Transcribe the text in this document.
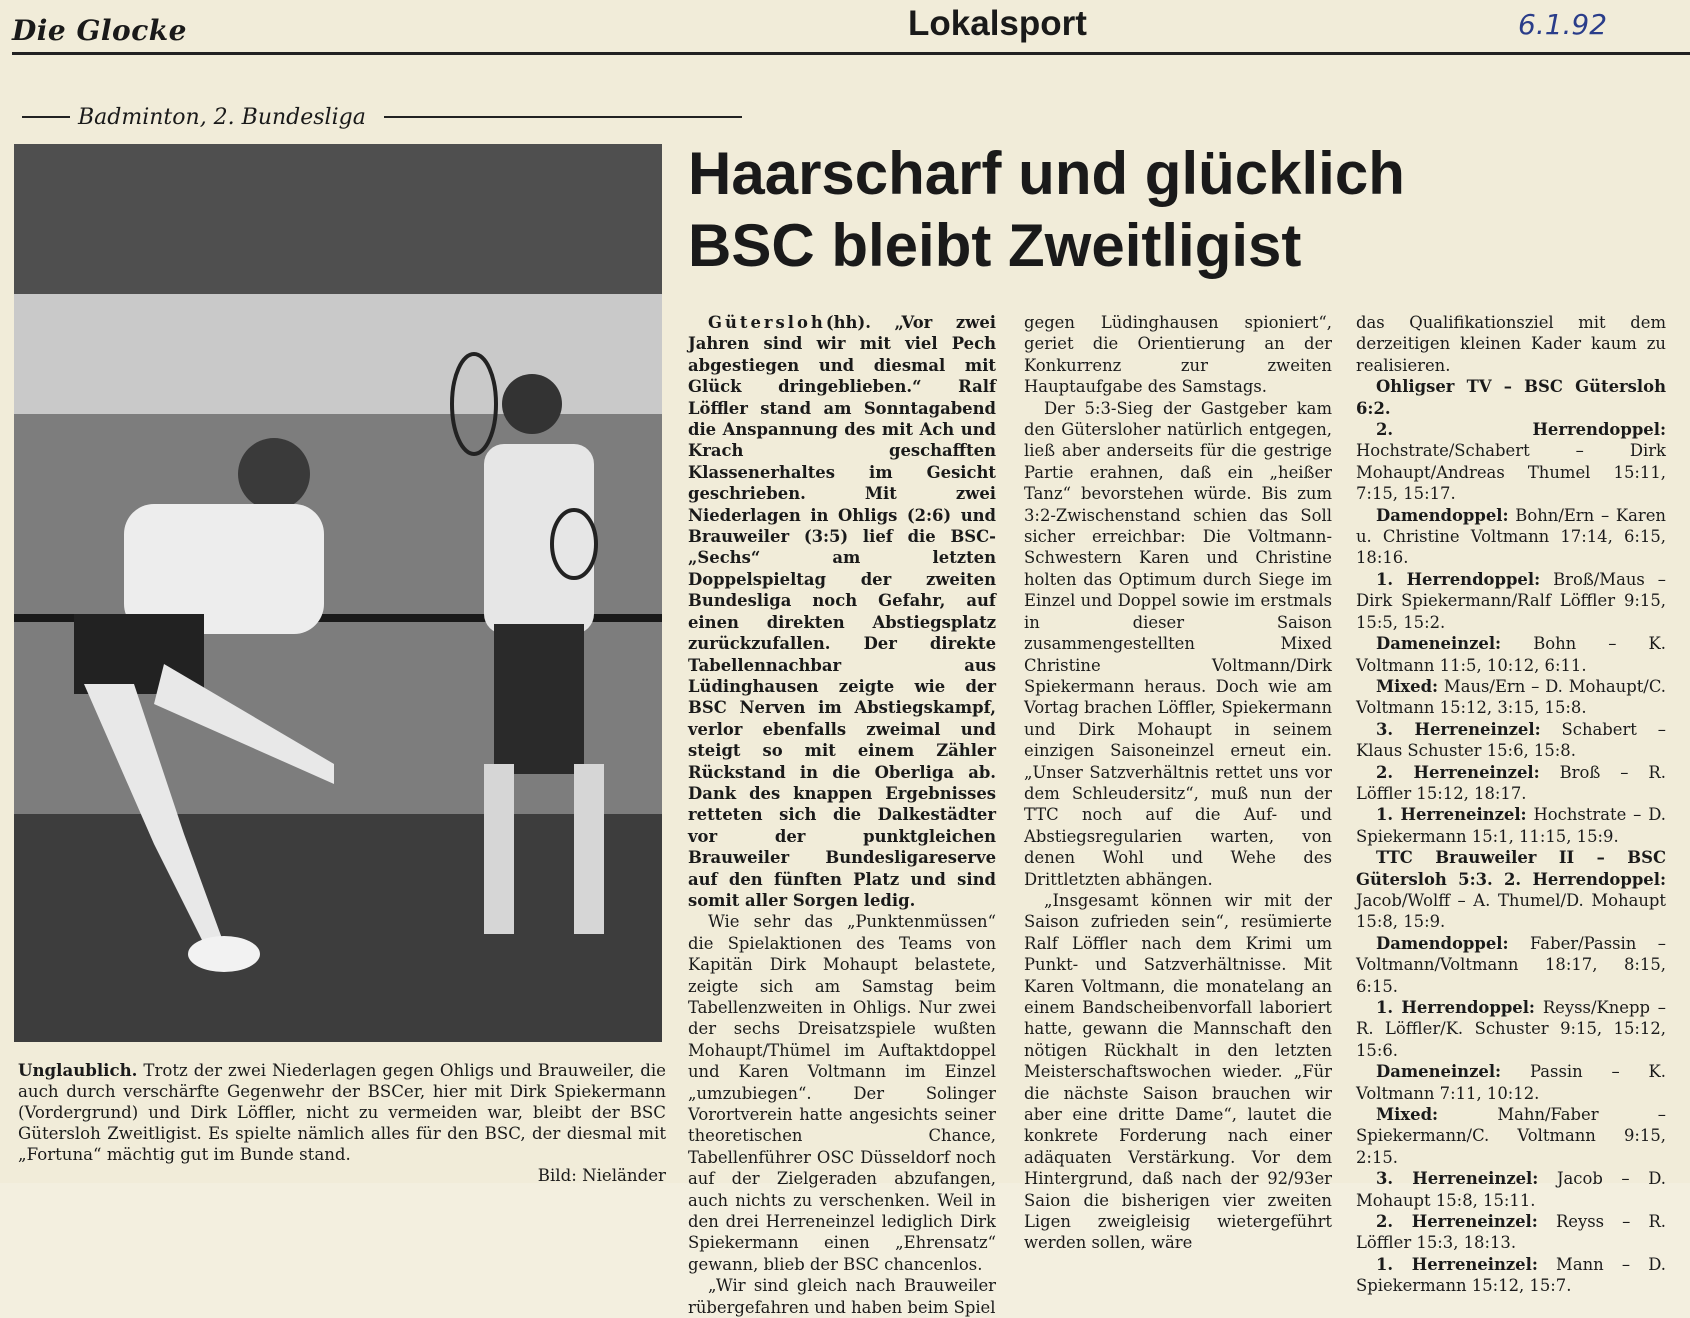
Die Glocke	Lokalsport	6.1.92
Badminton, 2. Bundesliga
Unglaublich. Trotz der zwei Niederlagen gegen Ohligs und Brauweiler, die auch durch verschärfte Gegenwehr der BSCer, hier mit Dirk Spiekermann (Vordergrund) und Dirk Löffler, nicht zu vermeiden war, bleibt der BSC Gütersloh Zweitligist. Es spielte nämlich alles für den BSC, der diesmal mit „Fortuna“ mächtig gut im Bunde stand.
Bild: Nieländer
Haarscharf und glücklich
BSC bleibt Zweitligist

Gütersloh(hh). „Vor zwei Jahren sind wir mit viel Pech abgestiegen und diesmal mit Glück dringeblieben.“ Ralf Löffler stand am Sonntagabend die Anspannung des mit Ach und Krach geschafften Klassenerhaltes im Gesicht geschrieben. Mit zwei Niederlagen in Ohligs (2:6) und Brauweiler (3:5) lief die BSC-„Sechs“ am letzten Doppelspieltag der zweiten Bundesliga noch Gefahr, auf einen direkten Abstiegsplatz zurückzufallen. Der direkte Tabellennachbar aus Lüdinghausen zeigte wie der BSC Nerven im Abstiegskampf, verlor ebenfalls zweimal und steigt so mit einem Zähler Rückstand in die Oberliga ab. Dank des knappen Ergebnisses retteten sich die Dalkestädter vor der punktgleichen Brauweiler Bundesligareserve auf den fünften Platz und sind somit aller Sorgen ledig.

Wie sehr das „Punktenmüssen“ die Spielaktionen des Teams von Kapitän Dirk Mohaupt belastete, zeigte sich am Samstag beim Tabellenzweiten in Ohligs. Nur zwei der sechs Dreisatzspiele wußten Mohaupt/Thümel im Auftaktdoppel und Karen Voltmann im Einzel „umzubiegen“. Der Solinger Vorortverein hatte angesichts seiner theoretischen Chance, Tabellenführer OSC Düsseldorf noch auf der Zielgeraden abzufangen, auch nichts zu verschenken. Weil in den drei Herreneinzel lediglich Dirk Spiekermann einen „Ehrensatz“ gewann, blieb der BSC chancenlos.

„Wir sind gleich nach Brauweiler rübergefahren und haben beim Spiel

gegen Lüdinghausen spioniert“, geriet die Orientierung an der Konkurrenz zur zweiten Hauptaufgabe des Samstags.

Der 5:3-Sieg der Gastgeber kam den Gütersloher natürlich entgegen, ließ aber anderseits für die gestrige Partie erahnen, daß ein „heißer Tanz“ bevorstehen würde. Bis zum 3:2-Zwischenstand schien das Soll sicher erreichbar: Die Voltmann-Schwestern Karen und Christine holten das Optimum durch Siege im Einzel und Doppel sowie im erstmals in dieser Saison zusammengestellten Mixed Christine Voltmann/Dirk Spiekermann heraus. Doch wie am Vortag brachen Löffler, Spiekermann und Dirk Mohaupt in seinem einzigen Saisoneinzel erneut ein. „Unser Satzverhältnis rettet uns vor dem Schleudersitz“, muß nun der TTC noch auf die Auf- und Abstiegsregularien warten, von denen Wohl und Wehe des Drittletzten abhängen.

„Insgesamt können wir mit der Saison zufrieden sein“, resümierte Ralf Löffler nach dem Krimi um Punkt- und Satzverhältnisse. Mit Karen Voltmann, die monatelang an einem Bandscheibenvorfall laboriert hatte, gewann die Mannschaft den nötigen Rückhalt in den letzten Meisterschaftswochen wieder. „Für die nächste Saison brauchen wir aber eine dritte Dame“, lautet die konkrete Forderung nach einer adäquaten Verstärkung. Vor dem Hintergrund, daß nach der 92/93er Saion die bisherigen vier zweiten Ligen zweigleisig wietergeführt werden sollen, wäre

das Qualifikationsziel mit dem derzeitigen kleinen Kader kaum zu realisieren.

Ohligser TV – BSC Gütersloh 6:2.

2. Herrendoppel: Hochstrate/Schabert – Dirk Mohaupt/Andreas Thumel 15:11, 7:15, 15:17.

Damendoppel: Bohn/Ern – Karen u. Christine Voltmann 17:14, 6:15, 18:16.

1. Herrendoppel: Broß/Maus – Dirk Spiekermann/Ralf Löffler 9:15, 15:5, 15:2.

Dameneinzel: Bohn – K. Voltmann 11:5, 10:12, 6:11.

Mixed: Maus/Ern – D. Mohaupt/C. Voltmann 15:12, 3:15, 15:8.

3. Herreneinzel: Schabert – Klaus Schuster 15:6, 15:8.

2. Herreneinzel: Broß – R. Löffler 15:12, 18:17.

1. Herreneinzel: Hochstrate – D. Spiekermann 15:1, 11:15, 15:9.

TTC Brauweiler II – BSC Gütersloh 5:3. 2. Herrendoppel: Jacob/Wolff – A. Thumel/D. Mohaupt 15:8, 15:9.

Damendoppel: Faber/Passin – Voltmann/Voltmann 18:17, 8:15, 6:15.

1. Herrendoppel: Reyss/Knepp – R. Löffler/K. Schuster 9:15, 15:12, 15:6.

Dameneinzel: Passin – K. Voltmann 7:11, 10:12.

Mixed:	Mahn/Faber – Spiekermann/C. Voltmann 9:15, 2:15.

3. Herreneinzel: Jacob – D. Mohaupt 15:8, 15:11.

2. Herreneinzel: Reyss – R. Löffler 15:3, 18:13.

1. Herreneinzel: Mann – D. Spiekermann 15:12, 15:7.
